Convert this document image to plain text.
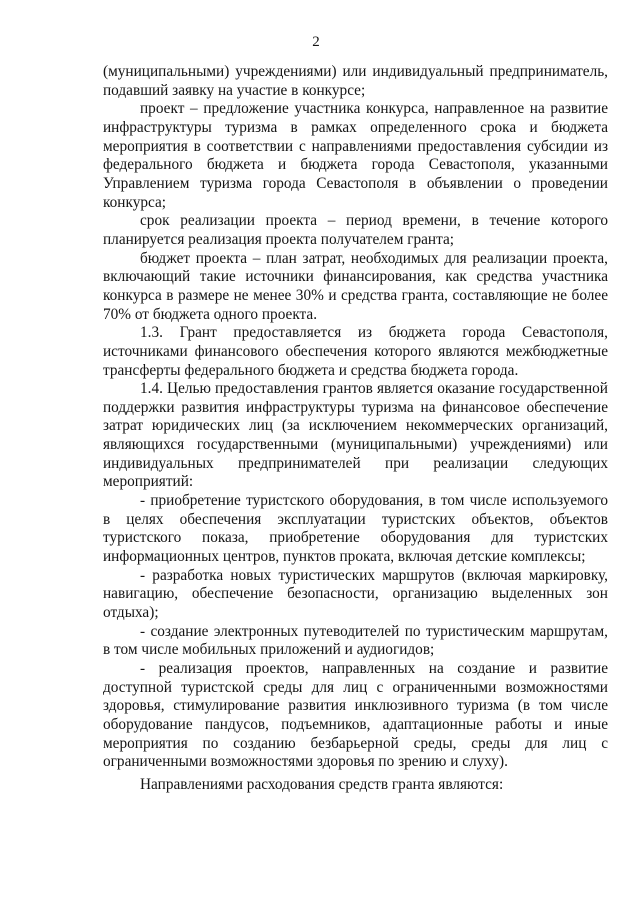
2

(муниципальными) учреждениями) или индивидуальный предприниматель, подавший заявку на участие в конкурсе;

проект – предложение участника конкурса, направленное на развитие инфраструктуры туризма в рамках определенного срока и бюджета мероприятия в соответствии с направлениями предоставления субсидии из федерального бюджета и бюджета города Севастополя, указанными Управлением туризма города Севастополя в объявлении о проведении конкурса;

срок реализации проекта – период времени, в течение которого планируется реализация проекта получателем гранта;

бюджет проекта – план затрат, необходимых для реализации проекта, включающий такие источники финансирования, как средства участника конкурса в размере не менее 30% и средства гранта, составляющие не более 70% от бюджета одного проекта.

1.3. Грант предоставляется из бюджета города Севастополя, источниками финансового обеспечения которого являются межбюджетные трансферты федерального бюджета и средства бюджета города.

1.4. Целью предоставления грантов является оказание государственной поддержки развития инфраструктуры туризма на финансовое обеспечение затрат юридических лиц (за исключением некоммерческих организаций, являющихся государственными (муниципальными) учреждениями) или индивидуальных предпринимателей при реализации следующих мероприятий:

- приобретение туристского оборудования, в том числе используемого в целях обеспечения эксплуатации туристских объектов, объектов туристского показа, приобретение оборудования для туристских информационных центров, пунктов проката, включая детские комплексы;

- разработка новых туристических маршрутов (включая маркировку, навигацию, обеспечение безопасности, организацию выделенных зон отдыха);

- создание электронных путеводителей по туристическим маршрутам, в том числе мобильных приложений и аудиогидов;

- реализация проектов, направленных на создание и развитие доступной туристской среды для лиц с ограниченными возможностями здоровья, стимулирование развития инклюзивного туризма (в том числе оборудование пандусов, подъемников, адаптационные работы и иные мероприятия по созданию безбарьерной среды, среды для лиц с ограниченными возможностями здоровья по зрению и слуху).

Направлениями расходования средств гранта являются:
